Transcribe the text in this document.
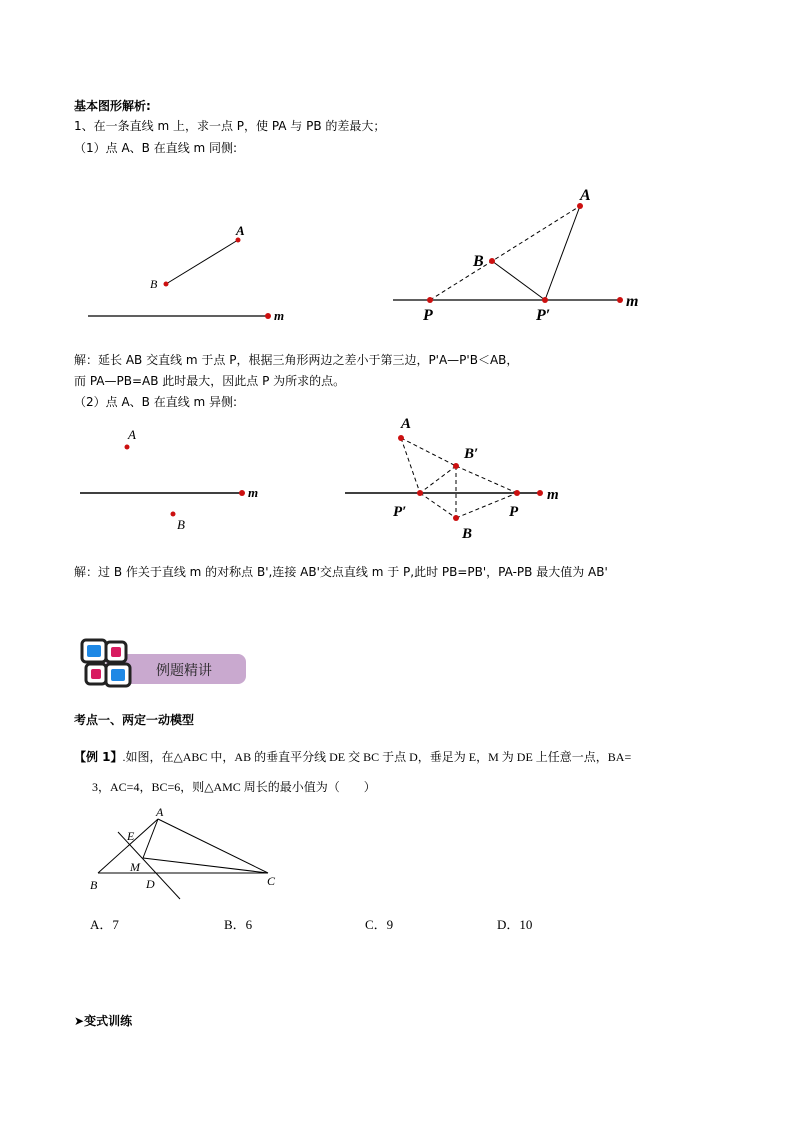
基本图形解析:
1、在一条直线 m 上，求一点 P，使 PA 与 PB 的差最大；
（1）点 A、B 在直线 m 同侧:
解：延长 AB 交直线 m 于点 P，根据三角形两边之差小于第三边，P'A—P'B＜AB，
而 PA—PB=AB 此时最大，因此点 P 为所求的点。
（2）点 A、B 在直线 m 异侧:
解：过 B 作关于直线 m 的对称点 B',连接 AB'交点直线 m 于 P,此时 PB=PB'，PA-PB 最大值为 AB'
例题精讲
考点一、两定一动模型
【例 1】.如图，在△ABC 中，AB 的垂直平分线 DE 交 BC 于点 D，垂足为 E，M 为 DE 上任意一点，BA=
3，AC=4，BC=6，则△AMC 周长的最小值为（　　）
A．7	B．6	C．9	D．10
➤变式训练
A
B
m
A
B
P	P′
m
A
B
m
A
B′
P′	P
B
m
A
E
M
B	D	C
